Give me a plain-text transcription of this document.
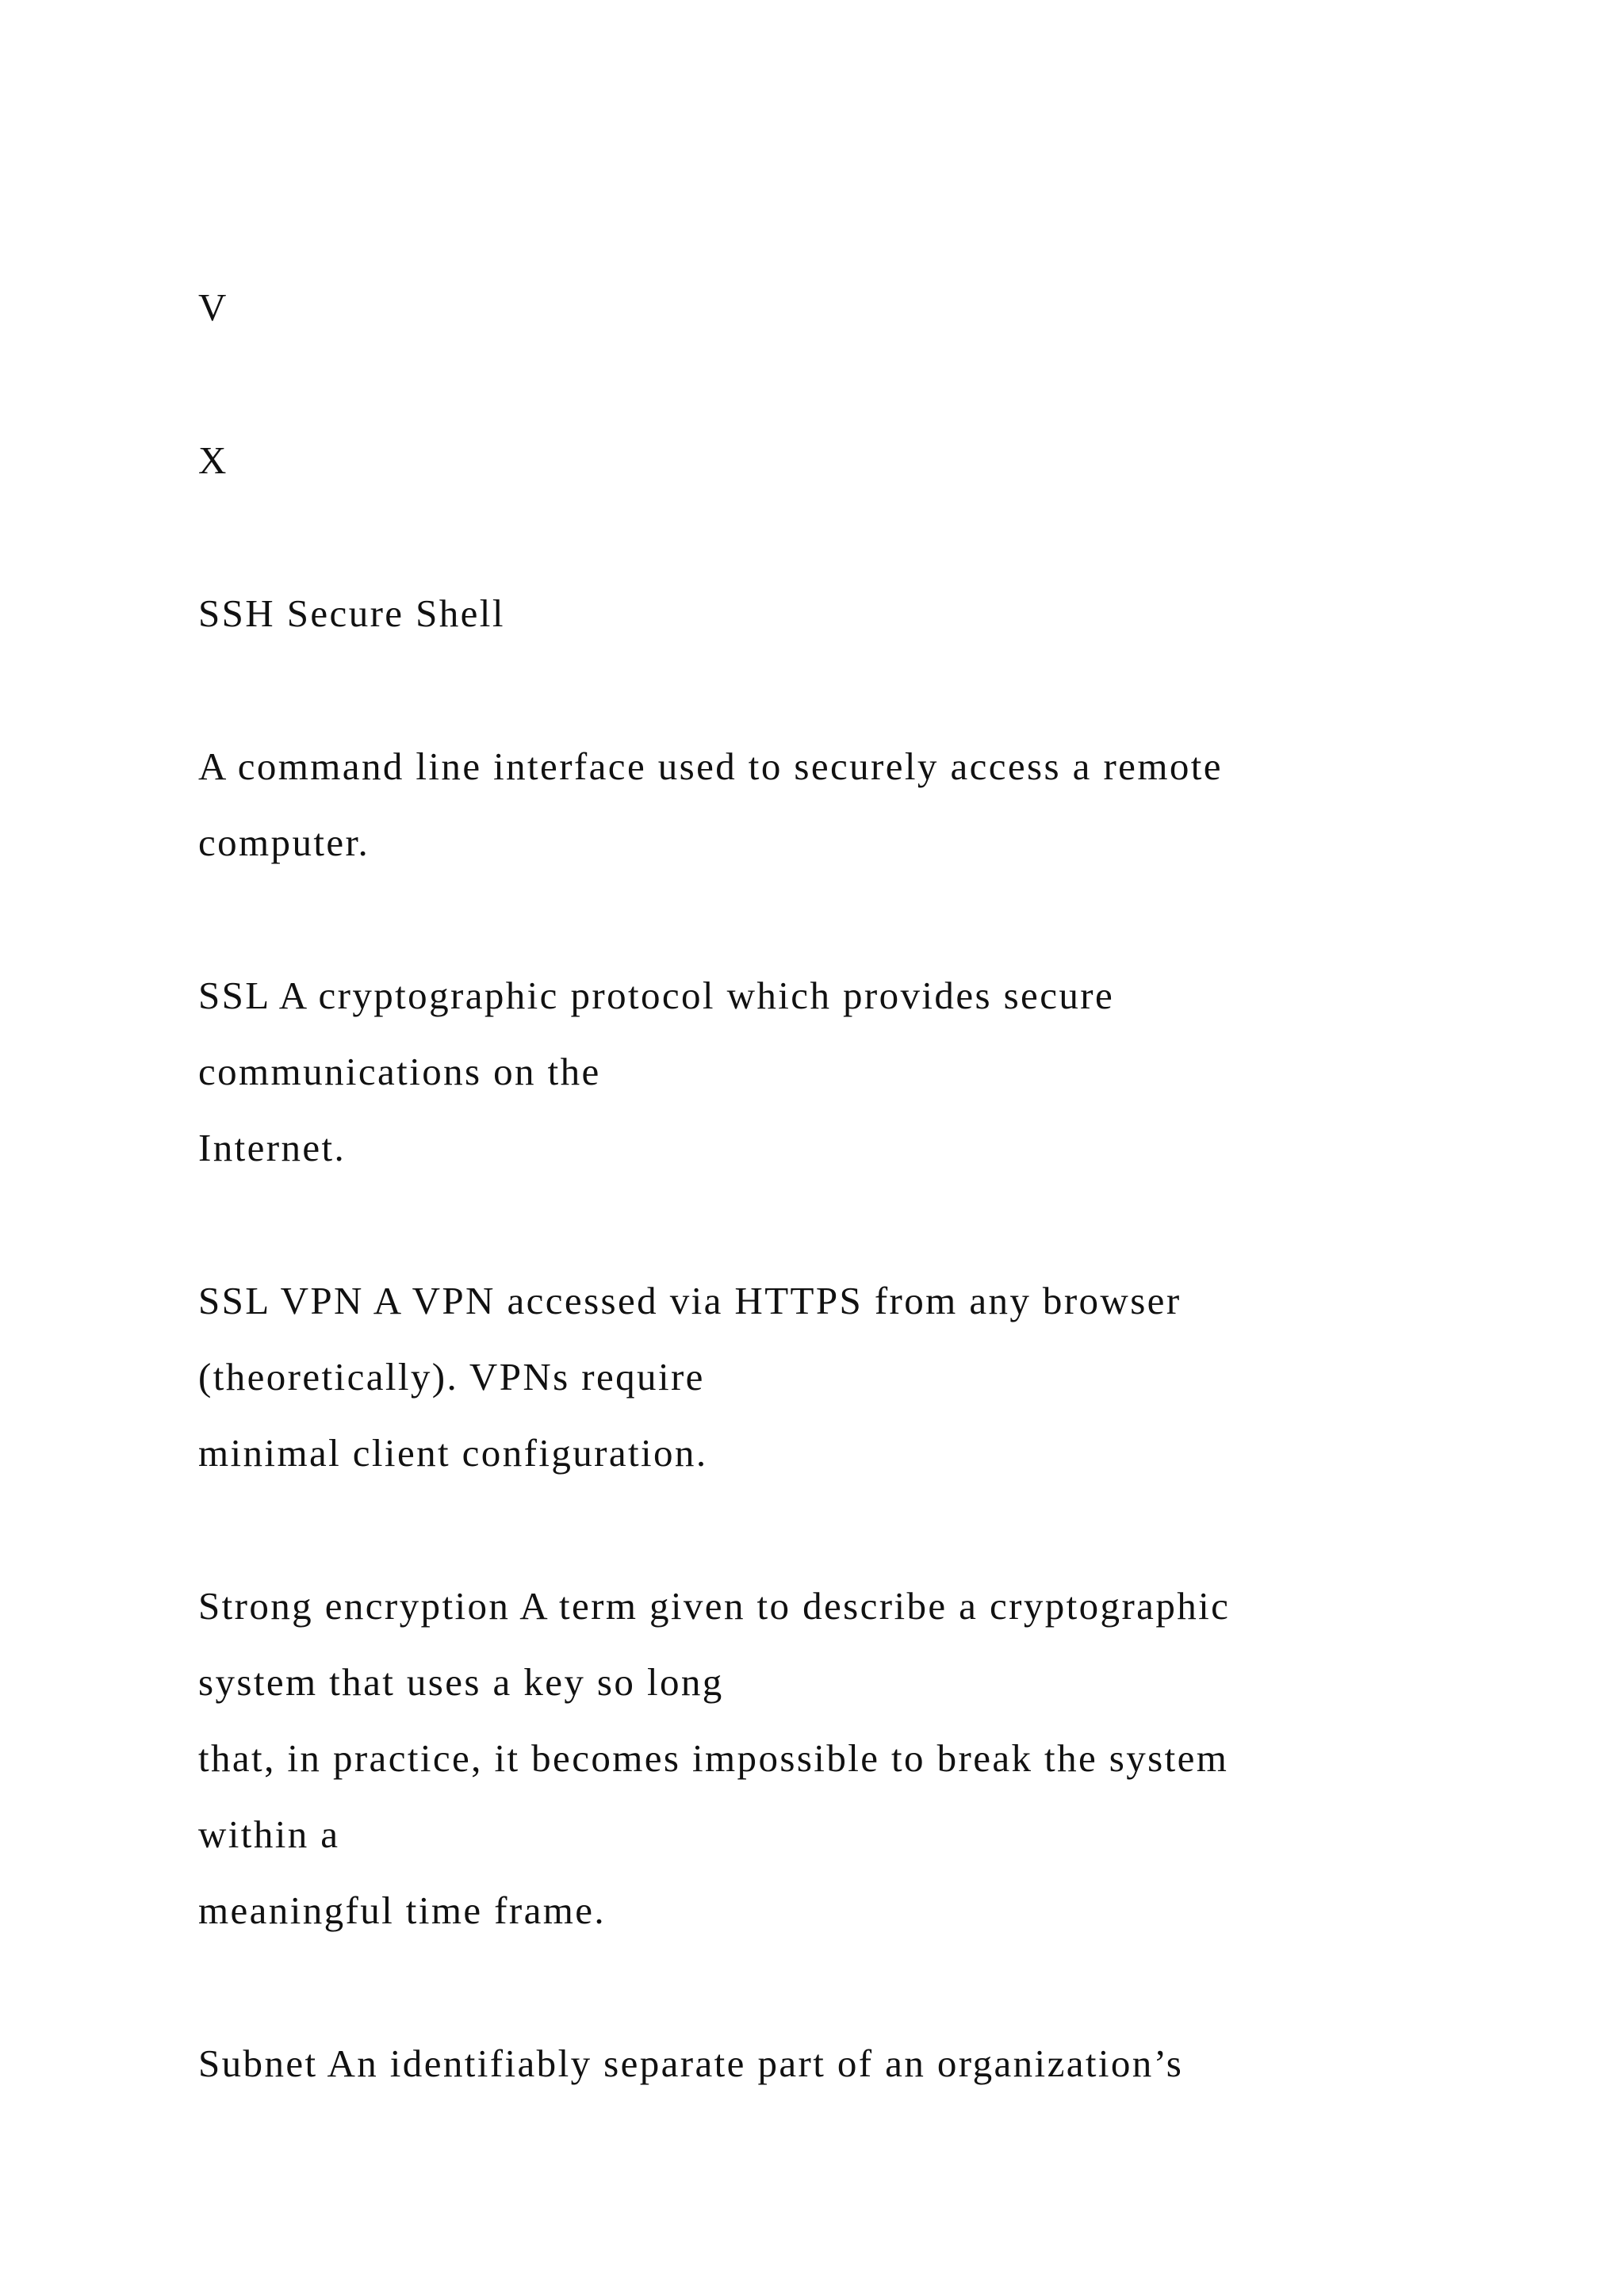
V
X
SSH Secure Shell
A command line interface used to securely access a remote
computer.
SSL A cryptographic protocol which provides secure
communications on the
Internet.
SSL VPN A VPN accessed via HTTPS from any browser
(theoretically). VPNs require
minimal client configuration.
Strong encryption A term given to describe a cryptographic
system that uses a key so long
that, in practice, it becomes impossible to break the system
within a
meaningful time frame.
Subnet An identifiably separate part of an organization’s
